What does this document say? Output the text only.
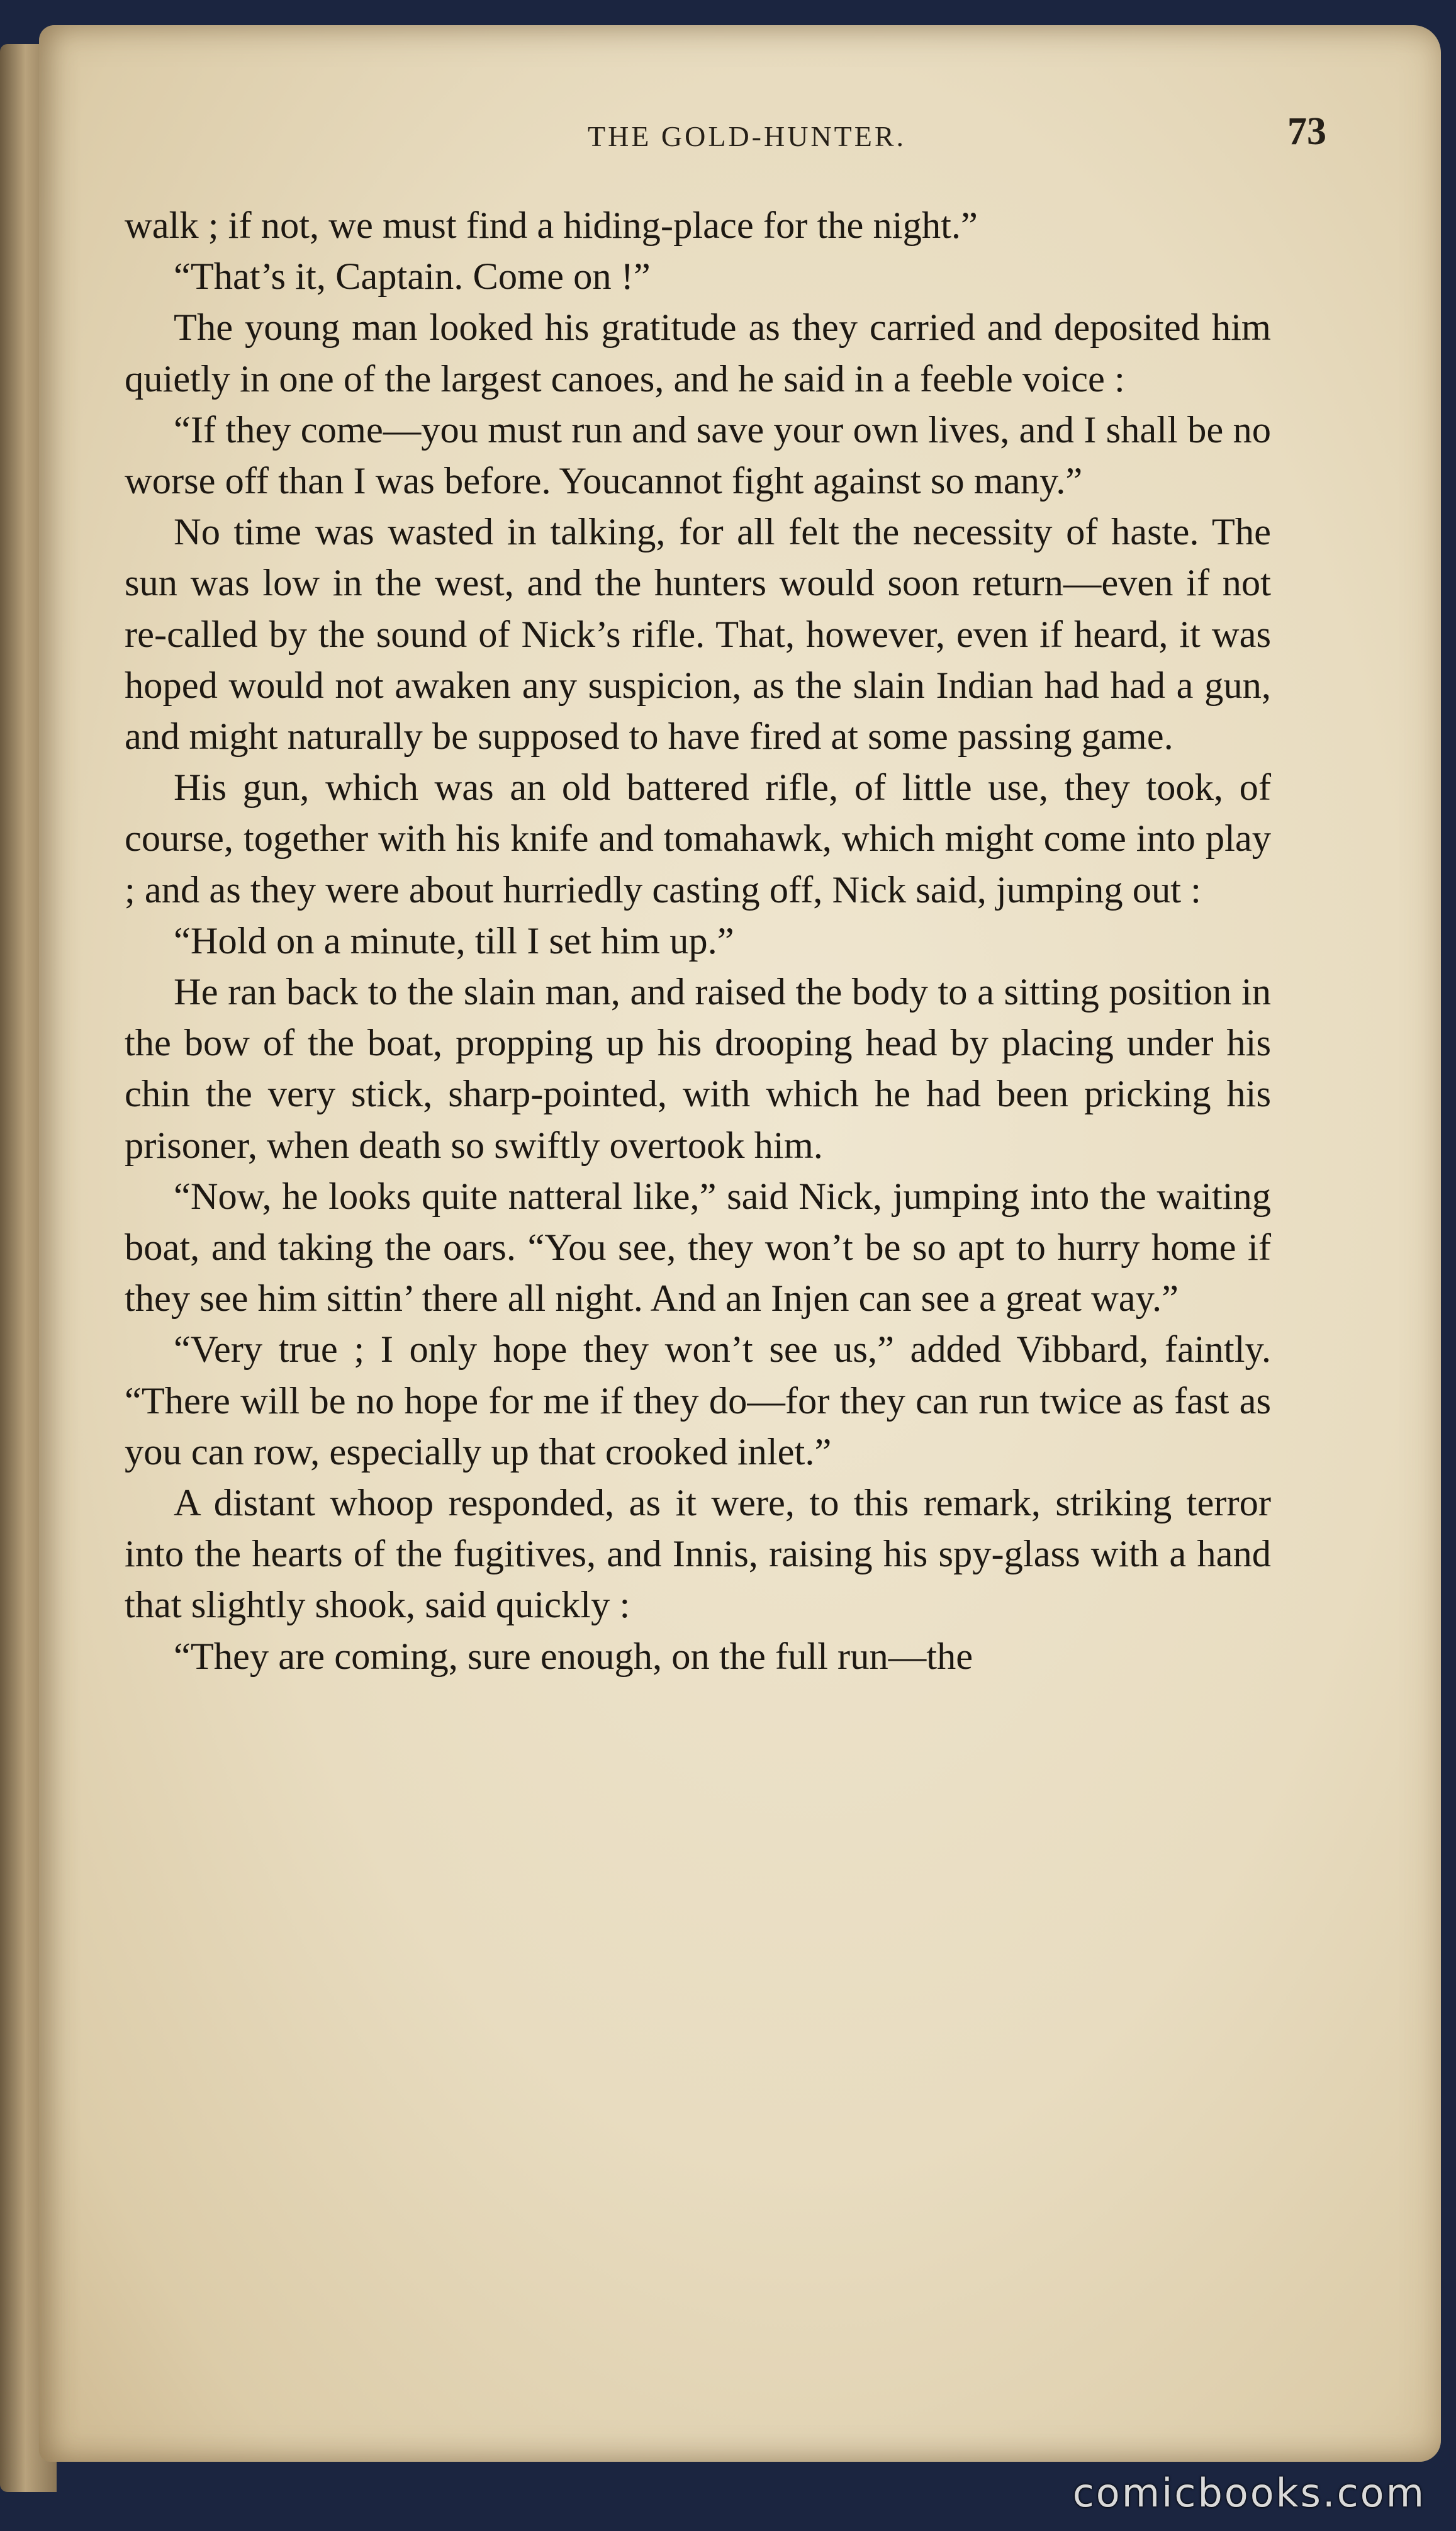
THE GOLD-HUNTER.	73

walk ; if not, we must find a hiding-place for the night.”

“That’s it, Captain. Come on !”

The young man looked his gratitude as they carried and deposited him quietly in one of the largest canoes, and he said in a feeble voice :

“If they come—you must run and save your own lives, and I shall be no worse off than I was before. Youcannot fight against so many.”

No time was wasted in talking, for all felt the necessity of haste. The sun was low in the west, and the hunters would soon return—even if not re-called by the sound of Nick’s rifle. That, however, even if heard, it was hoped would not awaken any suspicion, as the slain Indian had had a gun, and might naturally be supposed to have fired at some passing game.

His gun, which was an old battered rifle, of little use, they took, of course, together with his knife and tomahawk, which might come into play ; and as they were about hurriedly casting off, Nick said, jumping out :

“Hold on a minute, till I set him up.”

He ran back to the slain man, and raised the body to a sitting position in the bow of the boat, propping up his drooping head by placing under his chin the very stick, sharp-pointed, with which he had been pricking his prisoner, when death so swiftly overtook him.

“Now, he looks quite natteral like,” said Nick, jumping into the waiting boat, and taking the oars. “You see, they won’t be so apt to hurry home if they see him sittin’ there all night. And an Injen can see a great way.”

“Very true ; I only hope they won’t see us,” added Vibbard, faintly. “There will be no hope for me if they do—for they can run twice as fast as you can row, especially up that crooked inlet.”

A distant whoop responded, as it were, to this remark, striking terror into the hearts of the fugitives, and Innis, raising his spy-glass with a hand that slightly shook, said quickly :

“They are coming, sure enough, on the full run—the

comicbooks.com
